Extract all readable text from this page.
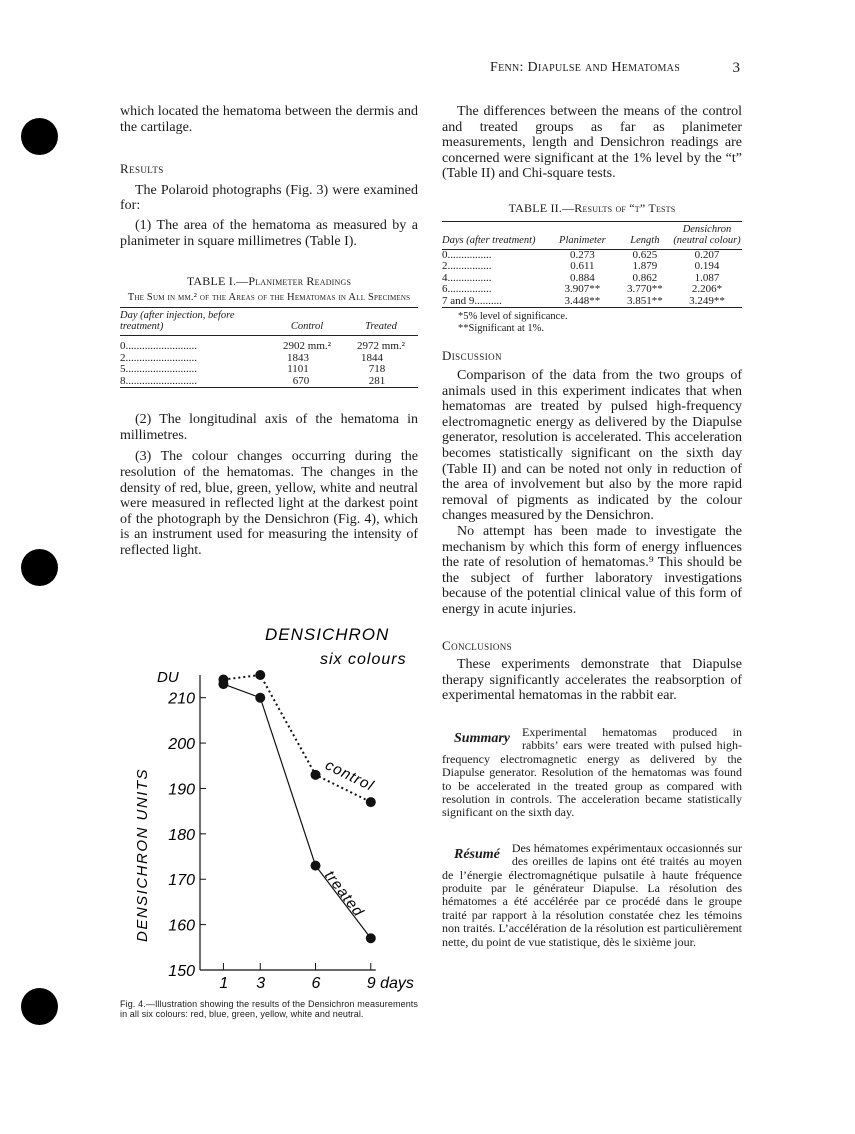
Fenn: Diapulse and Hematomas	3

which located the hematoma between the dermis and the cartilage.

Results

The Polaroid photographs (Fig. 3) were examined for:

(1) The area of the hematoma as measured by a planimeter in square millimetres (Table I).

TABLE I.—Planimeter Readings
The Sum in mm.² of the Areas of the Hematomas in All Specimens
Day (after injection, before treatment)	Control	Treated

0..........................	2902 mm.²	2972 mm.²
2..........................	1843	1844
5..........................	1101	718
8..........................	670	281

(2) The longitudinal axis of the hematoma in millimetres.

(3) The colour changes occurring during the resolution of the hematomas. The changes in the density of red, blue, green, yellow, white and neutral were measured in reflected light at the darkest point of the photograph by the Densichron (Fig. 4), which is an instrument used for measuring the intensity of reflected light.

DENSICHRON
six colours
DU
DENSICHRON UNITS
150
160
170
180
190
200
210
1 3	6	9 days
control
treated
Fig. 4.—Illustration showing the results of the Densichron measurements in all six colours: red, blue, green, yellow, white and neutral.

The differences between the means of the control and treated groups as far as planimeter measurements, length and Densichron readings are concerned were significant at the 1% level by the “t” (Table II) and Chi-square tests.

TABLE II.—Results of “t” Tests
Days (after treatment)	Planimeter	Length	Densichron (neutral colour)
0................	0.273	0.625	0.207
2................	0.611	1.879	0.194
4................	0.884	0.862	1.087
6................	3.907**	3.770**	2.206*
7 and 9..........	3.448**	3.851**	3.249**
*5% level of significance.
**Significant at 1%.

Discussion

Comparison of the data from the two groups of animals used in this experiment indicates that when hematomas are treated by pulsed high-frequency electromagnetic energy as delivered by the Diapulse generator, resolution is accelerated. This acceleration becomes statistically significant on the sixth day (Table II) and can be noted not only in reduction of the area of involvement but also by the more rapid removal of pigments as indicated by the colour changes measured by the Densichron.

No attempt has been made to investigate the mechanism by which this form of energy influences the rate of resolution of hematomas.⁹ This should be the subject of further laboratory investigations because of the potential clinical value of this form of energy in acute injuries.

Conclusions

These experiments demonstrate that Diapulse therapy significantly accelerates the reabsorption of experimental hematomas in the rabbit ear.

Summary Experimental hematomas produced in rabbits’ ears were treated with pulsed high-frequency electromagnetic energy as delivered by the Diapulse generator. Resolution of the hematomas was found to be accelerated in the treated group as compared with resolution in controls. The acceleration became statistically significant on the sixth day.
Résumé Des hématomes expérimentaux occasionnés sur des oreilles de lapins ont été traités au moyen de l’énergie électromagnétique pulsatile à haute fréquence produite par le générateur Diapulse. La résolution des hématomes a été accélérée par ce procédé dans le groupe traité par rapport à la résolution constatée chez les témoins non traités. L’accélération de la résolution est particulièrement nette, du point de vue statistique, dès le sixième jour.
